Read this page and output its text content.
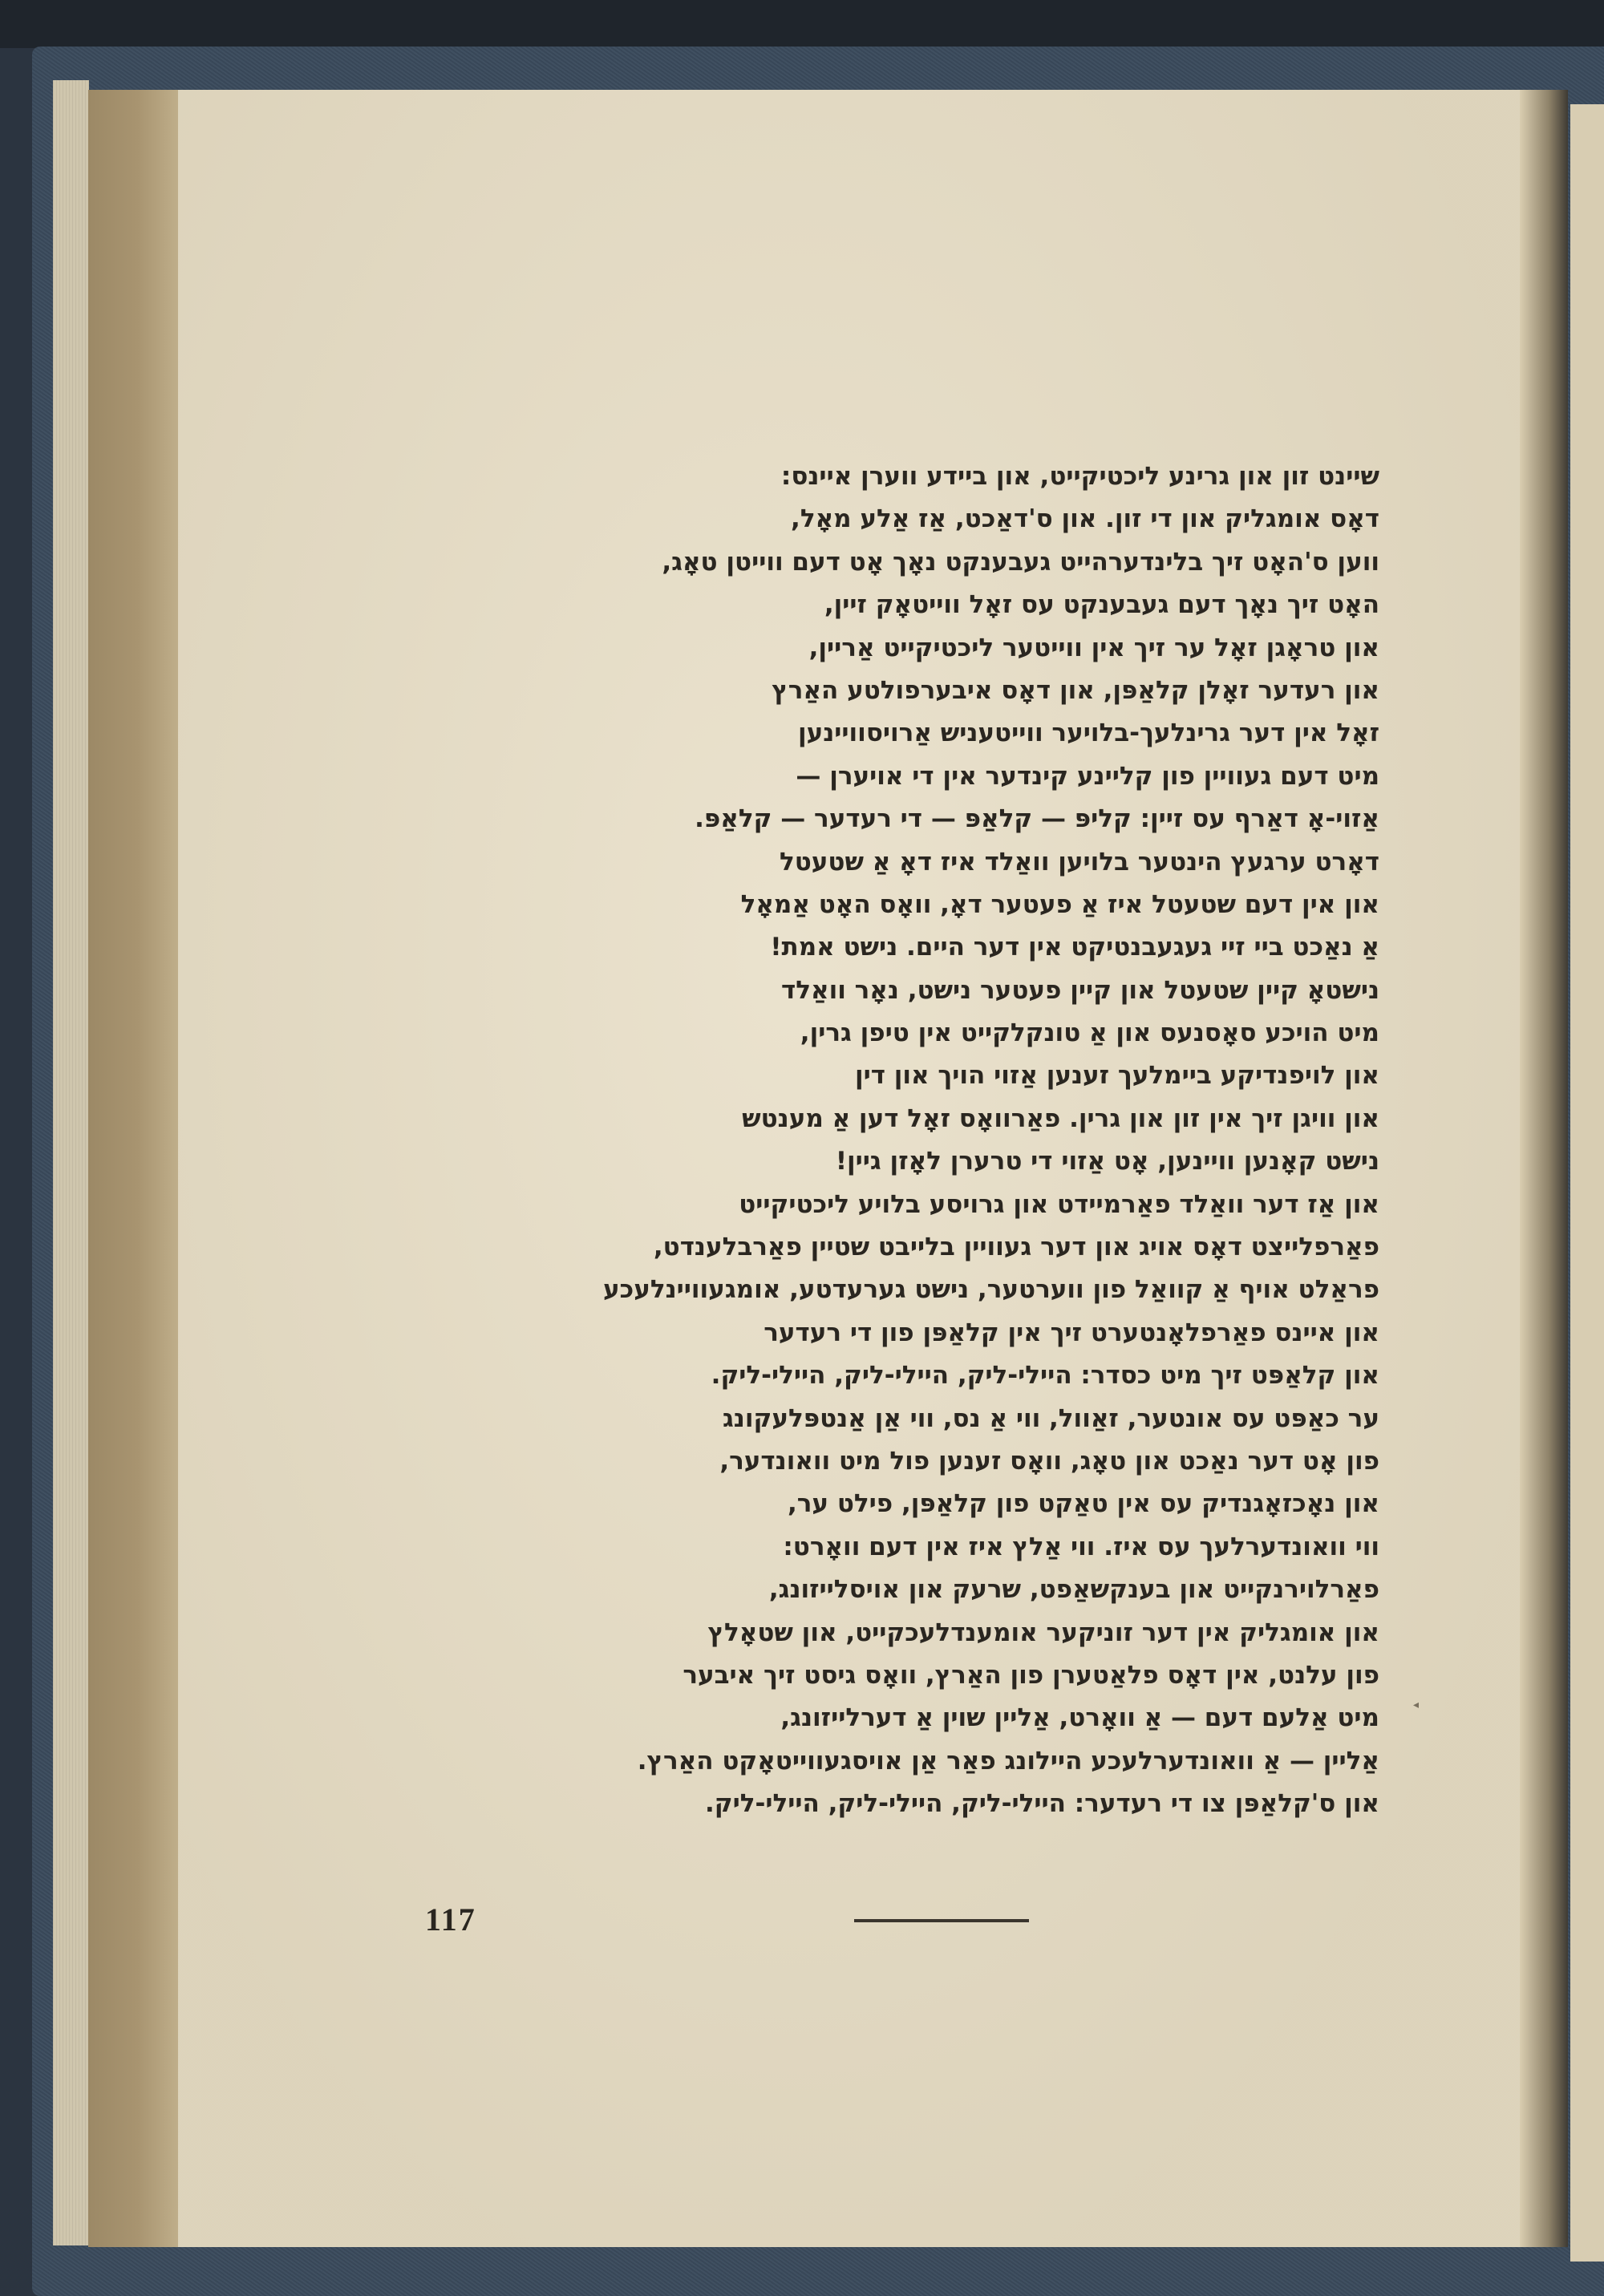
שיינט זון און גרינע ליכטיקייט, און ביידע ווערן איינס:
דאָס אומגליק און די זון. און ס'דאַכט, אַז אַלע מאָל,
ווען ס'האָט זיך בלינדערהייט געבענקט נאָך אָט דעם ווייטן טאָג,
האָט זיך נאָך דעם געבענקט עס זאָל ווייטאָק זיין,
און טראָגן זאָל ער זיך אין ווייטער ליכטיקייט אַריין,
און רעדער זאָלן קלאַפּן, און דאָס איבערפולטע האַרץ
זאָל אין דער גרינלעך-בלויער ווייטעניש אַרויסוויינען
מיט דעם געוויין פון קליינע קינדער אין די אויערן —
אַזוי-אָ דאַרף עס זיין: קליפּ — קלאַפּ — די רעדער — קלאַפּ.
דאָרט ערגעץ הינטער בלויען וואַלד איז דאָ אַ שטעטל
און אין דעם שטעטל איז אַ פעטער דאָ, וואָס האָט אַמאָל
אַ נאַכט ביי זיי געגעבנטיקט אין דער היים. נישט אמת!
נישטאָ קיין שטעטל און קיין פעטער נישט, נאָר וואַלד
מיט הויכע סאָסנעס און אַ טונקלקייט אין טיפן גרין,
און לויפנדיקע ביימלעך זענען אַזוי הויך און דין
און וויגן זיך אין זון און גרין. פאַרוואָס זאָל דען אַ מענטש
נישט קאָנען וויינען, אָט אַזוי די טרערן לאָזן גיין!
און אַז דער וואַלד פאַרמיידט און גרויסע בלויע ליכטיקייט
פאַרפלייצט דאָס אויג און דער געוויין בלייבט שטיין פאַרבלענדט,
פראַלט אויף אַ קוואַל פון ווערטער, נישט גערעדטע, אומגעוויינלעכע
און איינס פאַרפלאָנטערט זיך אין קלאַפּן פון די רעדער
און קלאַפּט זיך מיט כסדר: היילי-ליק, היילי-ליק, היילי-ליק.
ער כאַפּט עס אונטער, זאַוול, ווי אַ נס, ווי אַן אַנטפּלעקונג
פון אָט דער נאַכט און טאָג, וואָס זענען פול מיט וואונדער,
און נאָכזאָגנדיק עס אין טאַקט פון קלאַפּן, פילט ער,
ווי וואונדערלעך עס איז. ווי אַלץ איז אין דעם וואָרט:
פאַרלוירנקייט און בענקשאַפט, שרעק און אויסלייזונג,
און אומגליק אין דער זוניקער אומענדלעכקייט, און שטאָלץ
פון עלנט, אין דאָס פלאַטערן פון האַרץ, וואָס גיסט זיך איבער
מיט אַלעם דעם — אַ וואָרט, אַליין שוין אַ דערלייזונג,
אַליין — אַ וואונדערלעכע היילונג פאַר אַן אויסגעווייטאָקט האַרץ.
און ס'קלאַפּן צו די רעדער: היילי-ליק, היילי-ליק, היילי-ליק.
◂
117
